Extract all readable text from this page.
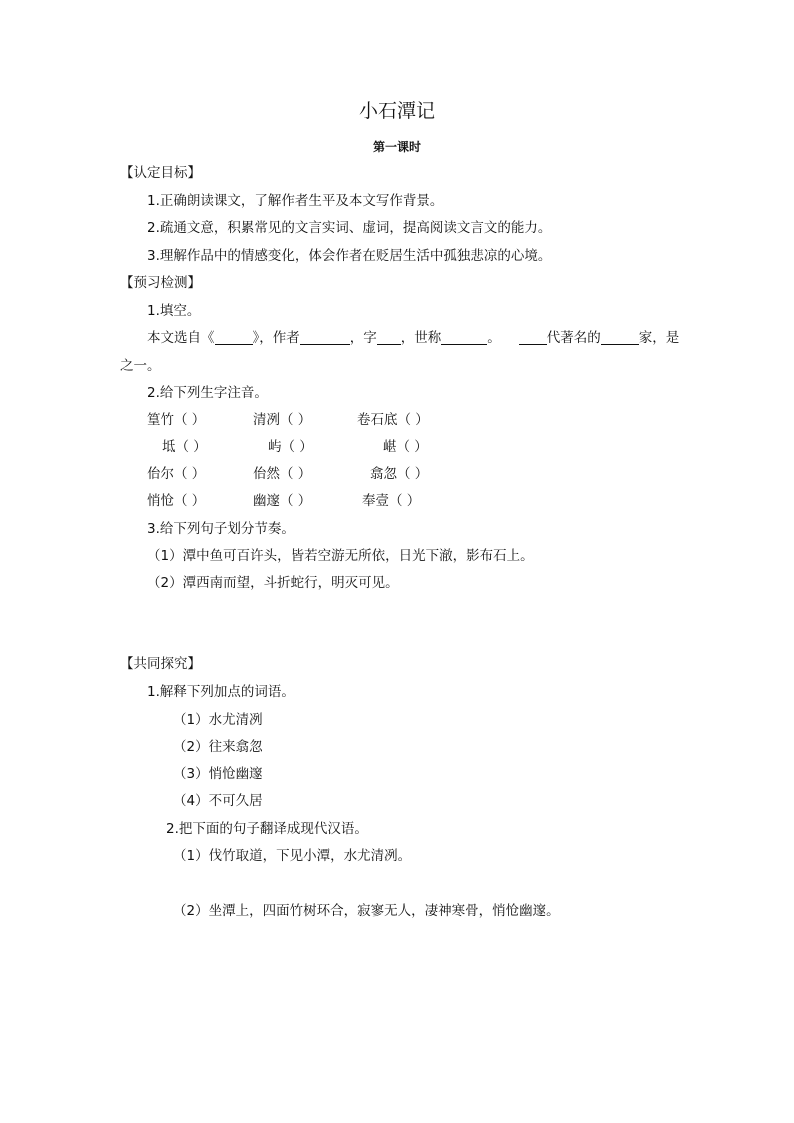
小石潭记
第一课时
【认定目标】
1.正确朗读课文，了解作者生平及本文写作背景。
2.疏通文意，积累常见的文言实词、虚词，提高阅读文言文的能力。
3.理解作品中的情感变化，体会作者在贬居生活中孤独悲凉的心境。
【预习检测】
1.填空。
本文选自《	》，作者	，字 ，世称	。	代著名的	家，是
之一。
2.给下列生字注音。
篁竹（ ）	清冽（ ）	卷石底（ ）
坻（ ）	屿（ ）	嵁（ ）
佁尔（ ）	佁然（ ）	翕忽（ ）
悄怆（ ）	幽邃（ ）	奉壹（ ）
3.给下列句子划分节奏。
（1）潭中鱼可百许头，皆若空游无所依，日光下澈，影布石上。
（2）潭西南而望，斗折蛇行，明灭可见。
【共同探究】
1.解释下列加点的词语。
（1）水尤清冽
（2）往来翕忽
（3）悄怆幽邃
（4）不可久居
2.把下面的句子翻译成现代汉语。
（1）伐竹取道，下见小潭，水尤清冽。
（2）坐潭上，四面竹树环合，寂寥无人，凄神寒骨，悄怆幽邃。
